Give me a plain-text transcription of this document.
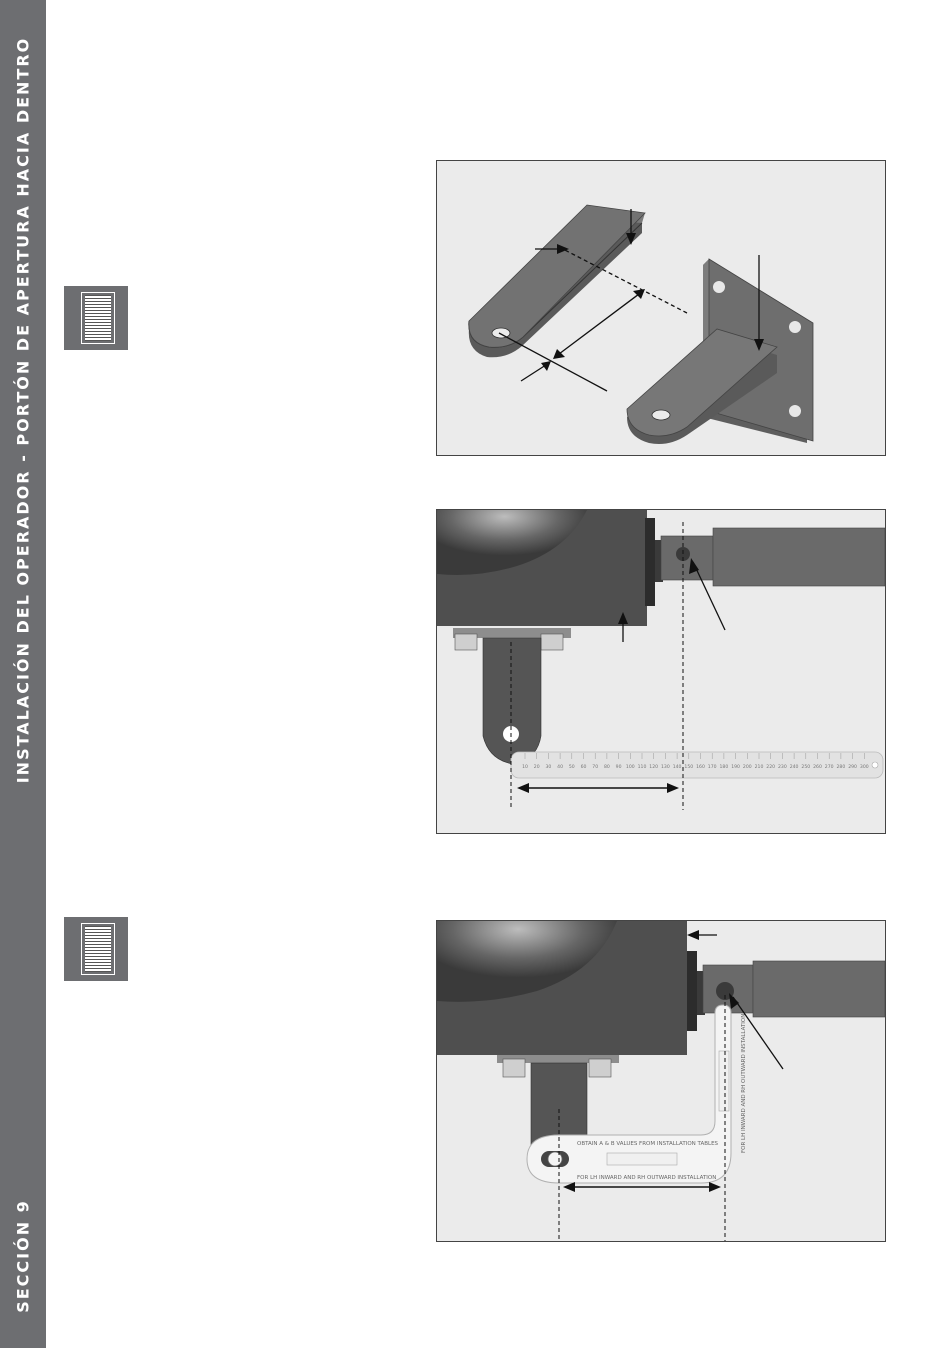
INSTALACIÓN DEL OPERADOR - PORTÓN DE APERTURA HACIA DENTRO
SECCIÓN 9
10 20 30 40 50 60 70 80 90 100 110 120 130 140 150 160 170 180 190 200 210 220 230 240 250 260 270 280 290 300
OBTAIN A & B VALUES FROM INSTALLATION TABLES
FOR LH INWARD AND RH OUTWARD INSTALLATION
FOR LH INWARD AND RH OUTWARD INSTALLATION
